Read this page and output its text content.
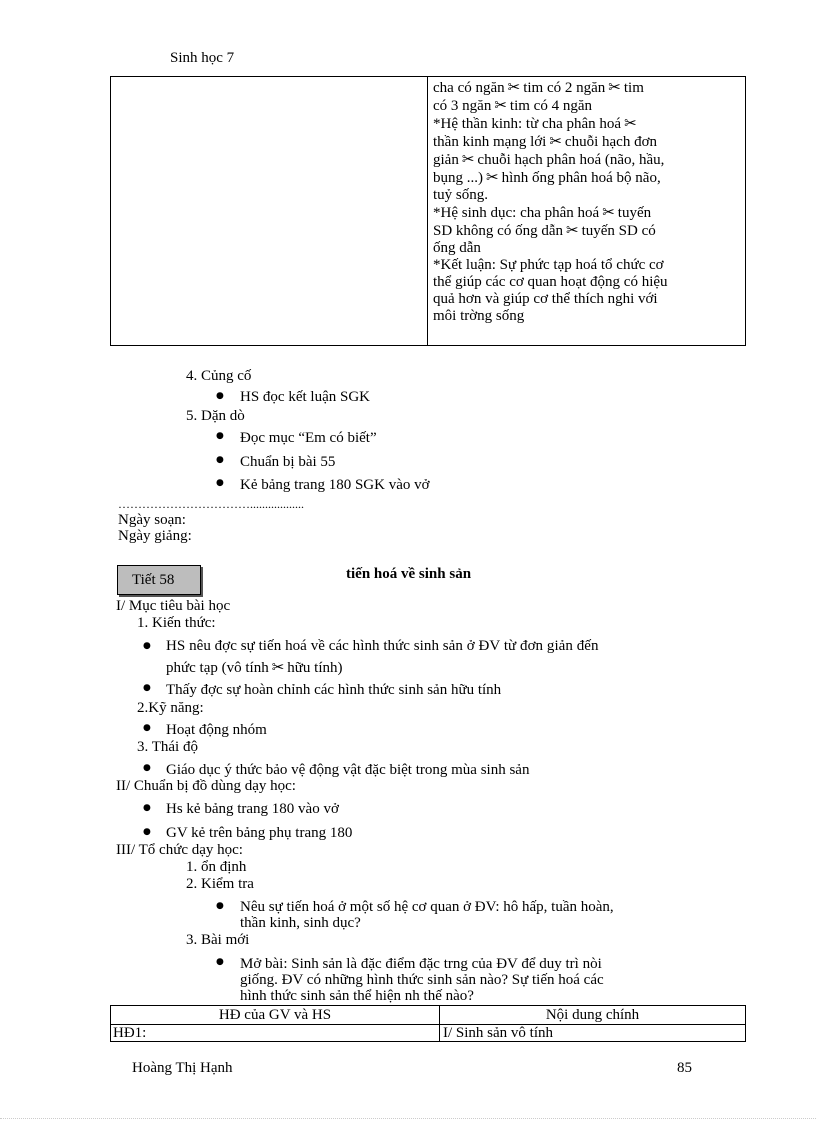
Sinh học 7
cha có ngăn ✂ tim có 2 ngăn ✂ tim
có 3 ngăn ✂ tim có 4 ngăn
*Hệ thần kinh: từ cha phân hoá ✂
thần kinh mạng lới ✂ chuỗi hạch đơn
giản ✂ chuỗi hạch phân hoá (não, hầu,
bụng ...) ✂ hình ống phân hoá bộ não,
tuỷ sống.
*Hệ sinh dục: cha phân hoá ✂ tuyến
SD không có ống dẫn ✂ tuyến SD có
ống dẫn
*Kết luận: Sự phức tạp hoá tổ chức cơ
thể giúp các cơ quan hoạt động có hiệu
quả hơn và giúp cơ thể thích nghi với
môi trờng sống
4. Củng cố
● HS đọc kết luận SGK
5. Dặn dò
● Đọc mục “Em có biết”
● Chuẩn bị bài 55
● Kẻ bảng trang 180 SGK vào vở
……………………………..................
Ngày soạn:
Ngày giảng:
Tiết 58	tiến hoá về sinh sản
I/ Mục tiêu bài học
1. Kiến thức:
● HS nêu đợc sự tiến hoá về các hình thức sinh sản ở ĐV từ đơn giản đến
phức tạp (vô tính ✂ hữu tính)
● Thấy đợc sự hoàn chỉnh các hình thức sinh sản hữu tính
2.Kỹ năng:
● Hoạt động nhóm
3. Thái độ
● Giáo dục ý thức bảo vệ động vật đặc biệt trong mùa sinh sản
II/ Chuẩn bị đồ dùng dạy học:
● Hs kẻ bảng trang 180 vào vở
● GV kẻ trên bảng phụ trang 180
III/ Tổ chức dạy học:
1. ổn định
2. Kiểm tra
● Nêu sự tiến hoá ở một số hệ cơ quan ở ĐV: hô hấp, tuần hoàn,
thần kinh, sinh dục?
3. Bài mới
● Mở bài: Sinh sản là đặc điểm đặc trng của ĐV để duy trì nòi
giống. ĐV có những hình thức sinh sản nào? Sự tiến hoá các
hình thức sinh sản thể hiện nh thế nào?
HĐ của GV và HS	Nội dung chính
HĐ1:	I/ Sinh sản vô tính
Hoàng Thị Hạnh	85
